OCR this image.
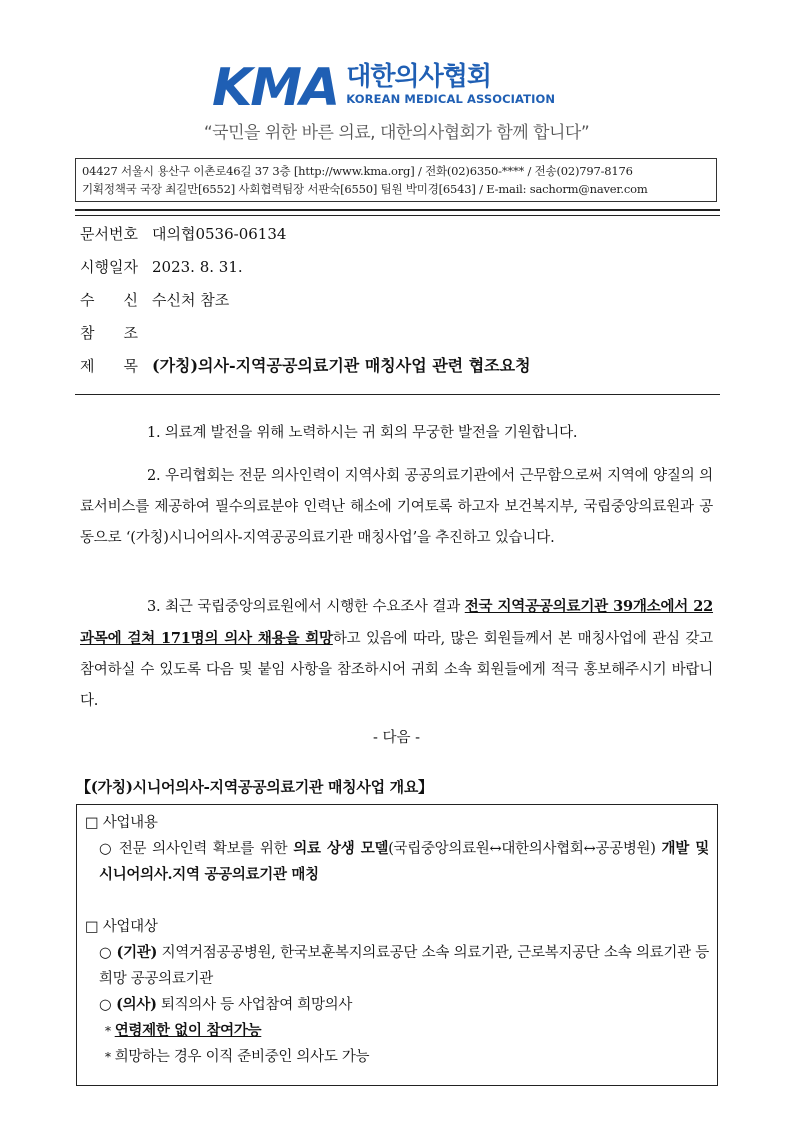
KMA 대한의사협회
KOREAN MEDICAL ASSOCIATION
“국민을 위한 바른 의료, 대한의사협회가 함께 합니다”
04427 서울시 용산구 이촌로46길 37 3층 [http://www.kma.org] / 전화(02)6350-**** / 전송(02)797-8176
기획정책국 국장 최길만[6552] 사회협력팀장 서판숙[6550] 팀원 박미경[6543] / E-mail: sachorm@naver.com
문서번호 대의협0536-06134
시행일자 2023. 8. 31.
수 신 수신처 참조
참 조
제 목 (가칭)의사-지역공공의료기관 매칭사업 관련 협조요청
1. 의료계 발전을 위해 노력하시는 귀 회의 무궁한 발전을 기원합니다.
2. 우리협회는 전문 의사인력이 지역사회 공공의료기관에서 근무함으로써 지역에 양질의 의료서비스를 제공하여 필수의료분야 인력난 해소에 기여토록 하고자 보건복지부, 국립중앙의료원과 공동으로 ‘(가칭)시니어의사-지역공공의료기관 매칭사업’을 추진하고 있습니다.
3. 최근 국립중앙의료원에서 시행한 수요조사 결과 전국 지역공공의료기관 39개소에서 22과목에 걸쳐 171명의 의사 채용을 희망하고 있음에 따라, 많은 회원들께서 본 매칭사업에 관심 갖고 참여하실 수 있도록 다음 및 붙임 사항을 참조하시어 귀회 소속 회원들에게 적극 홍보해주시기 바랍니다.
- 다음 -
【(가칭)시니어의사-지역공공의료기관 매칭사업 개요】
□ 사업내용
○ 전문 의사인력 확보를 위한 의료 상생 모델(국립중앙의료원↔대한의사협회↔공공병원) 개발 및 시니어의사.지역 공공의료기관 매칭
□ 사업대상
○ (기관) 지역거점공공병원, 한국보훈복지의료공단 소속 의료기관, 근로복지공단 소속 의료기관 등 희망 공공의료기관
○ (의사) 퇴직의사 등 사업참여 희망의사
* 연령제한 없이 참여가능
* 희망하는 경우 이직 준비중인 의사도 가능
